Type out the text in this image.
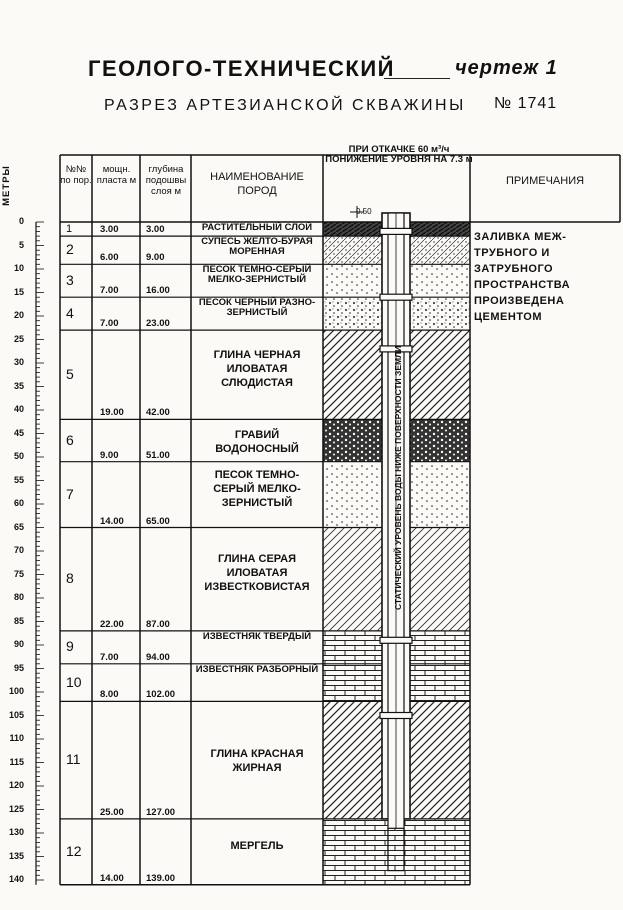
ГЕОЛОГО-ТЕХНИЧЕСКИЙ	чертеж 1
РАЗРЕЗ АРТЕЗИАНСКОЙ СКВАЖИНЫ № 1741
МЕТРЫ	№№ по пор.
мощн. пласта м
глубина подошвы слоя м
НАИМЕНОВАНИЕ ПОРОД
ПРИ ОТКАЧКЕ 60 м³/ч ПОНИЖЕНИЕ УРОВНЯ НА 7.3 м
ПРИМЕЧАНИЯ
0.50
ЗАЛИВКА МЕЖ-ТРУБНОГО И ЗАТРУБНОГО ПРОСТРАНСТВА ПРОИЗВЕДЕНА ЦЕМЕНТОМ
СТАТИЧЕСКИЙ УРОВЕНЬ ВОДЫ НИЖЕ ПОВЕРХНОСТИ ЗЕМЛИ
1	3.00	3.00	РАСТИТЕЛЬНЫЙ СЛОЙ
2
6.00	9.00
СУПЕСЬ ЖЕЛТО-БУРАЯ МОРЕННАЯ
3
7.00	16.00
ПЕСОК ТЕМНО-СЕРЫЙ МЕЛКО-ЗЕРНИСТЫЙ
4
7.00	23.00
ПЕСОК ЧЕРНЫЙ РАЗНО-ЗЕРНИСТЫЙ
5
19.00 42.00
ГЛИНА ЧЕРНАЯ ИЛОВАТАЯ СЛЮДИСТАЯ
6
9.00	51.00
ГРАВИЙ ВОДОНОСНЫЙ
7
14.00 65.00
ПЕСОК ТЕМНО-СЕРЫЙ МЕЛКО-ЗЕРНИСТЫЙ
8
22.00 87.00
ГЛИНА СЕРАЯ ИЛОВАТАЯ ИЗВЕСТКОВИСТАЯ
9
7.00	94.00
ИЗВЕСТНЯК ТВЕРДЫЙ
10
8.00	102.00
ИЗВЕСТНЯК РАЗБОРНЫЙ
11
25.00 127.00
ГЛИНА КРАСНАЯ ЖИРНАЯ
12
14.00 139.00
МЕРГЕЛЬ
0
5
10
15
20
25
30
35
40
45
50
55
60
65
70
75
80
85
90
95
100
105
110
115
120
125
130
135
140
